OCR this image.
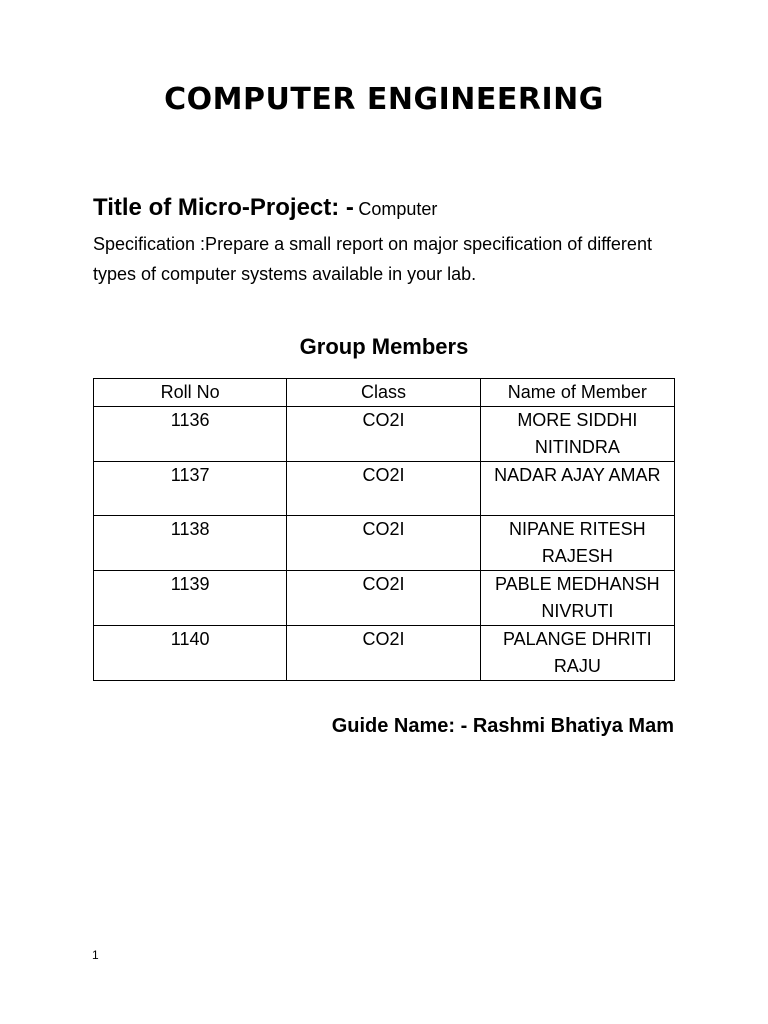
COMPUTER ENGINEERING

Title of Micro-Project: - Computer

Specification :Prepare a small report on major specification of different types of computer systems available in your lab.

Group Members
Roll No	Class	Name of Member
1136	CO2I	MORE SIDDHI NITINDRA
1137	CO2I	NADAR AJAY AMAR
1138	CO2I	NIPANE RITESH RAJESH
1139	CO2I	PABLE MEDHANSH NIVRUTI
1140	CO2I	PALANGE DHRITI RAJU

Guide Name: - Rashmi Bhatiya Mam

1
